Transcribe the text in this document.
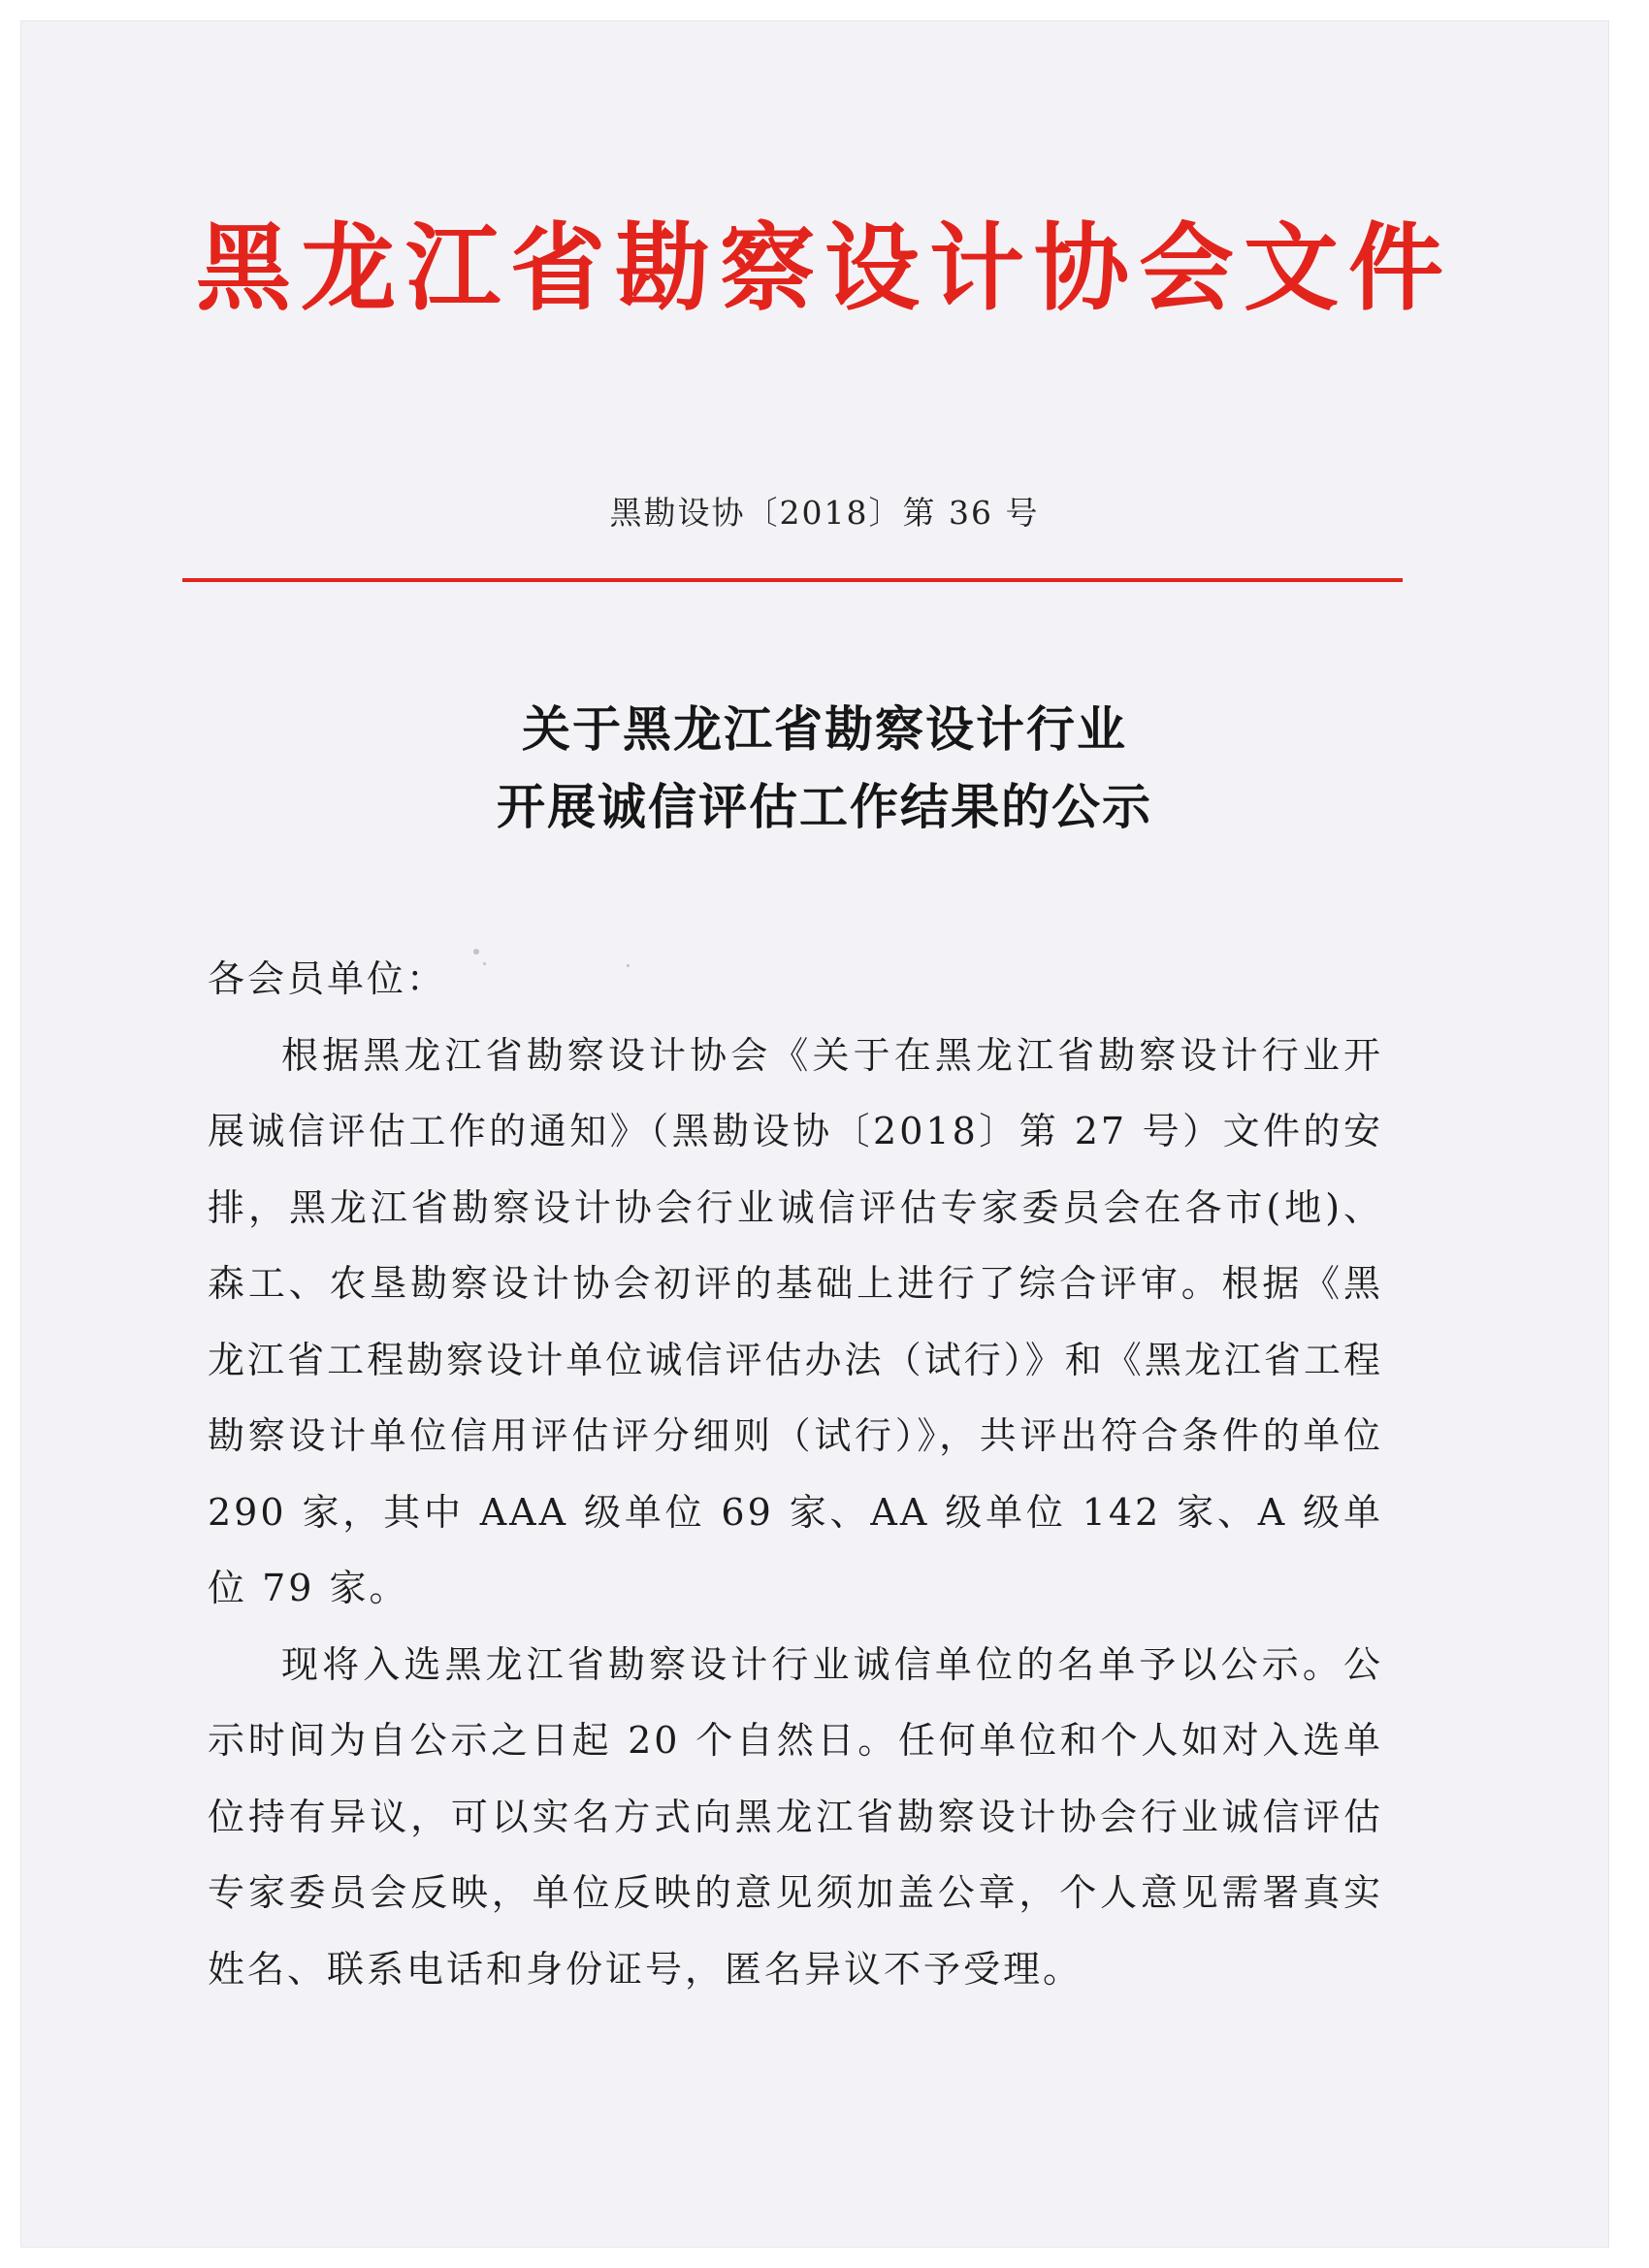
黑龙江省勘察设计协会文件
黑勘设协〔2018〕第 36 号
关于黑龙江省勘察设计行业
开展诚信评估工作结果的公示

各会员单位：

根据黑龙江省勘察设计协会《关于在黑龙江省勘察设计行业开展诚信评估工作的通知》（黑勘设协〔2018〕第 27 号）文件的安排，黑龙江省勘察设计协会行业诚信评估专家委员会在各市(地)、森工、农垦勘察设计协会初评的基础上进行了综合评审。根据《黑龙江省工程勘察设计单位诚信评估办法（试行）》和《黑龙江省工程勘察设计单位信用评估评分细则（试行）》，共评出符合条件的单位 290 家，其中 AAA 级单位 69 家、AA 级单位 142 家、A 级单位 79 家。

现将入选黑龙江省勘察设计行业诚信单位的名单予以公示。公示时间为自公示之日起 20 个自然日。任何单位和个人如对入选单位持有异议，可以实名方式向黑龙江省勘察设计协会行业诚信评估专家委员会反映，单位反映的意见须加盖公章，个人意见需署真实姓名、联系电话和身份证号，匿名异议不予受理。
